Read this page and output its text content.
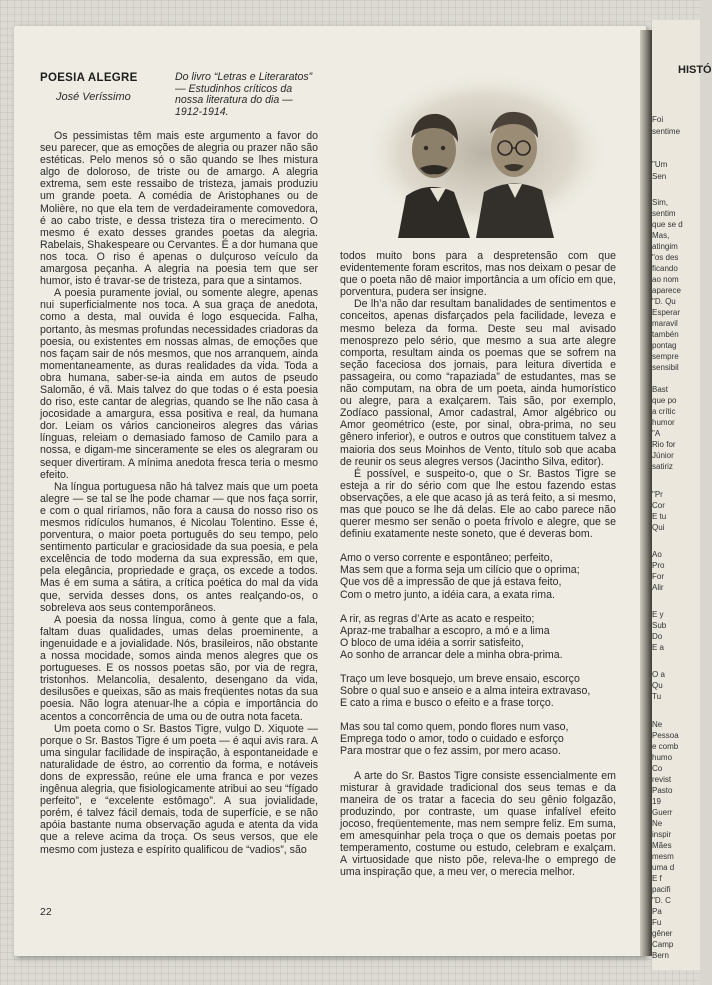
HISTÓ
Foi
sentime
"Um
Sen
Sim,
sentim
que se d
Mas,
atingim
"os des
ficando
ao nom
aparece
"D. Qu
Esperar
maravil
tambén
pontag
sempre
sensibil
Bast
que po
a crític
humor
"A
Rio for
Júnior
satiriz
"Pr
Cor
E tu
Qui
Ao
Pro
For
Alir
E y
Sub
Do
E a
O a
Qu
Tu
Ne
Pessoa
e comb
humo
Co
revist
Pasto
19
Guerr
Ne
inspir
Mães
mesm
uma d
E f
pacifi
"D. C
Pa
Fu
gêner
Camp
Bern
POESIA ALEGRE
José Veríssimo
Do livro “Letras e Literaratos” — Estudinhos críticos da nossa literatura do dia — 1912-1914.

Os pessimistas têm mais este argumento a favor do seu parecer, que as emoções de alegria ou prazer não são estéticas. Pelo menos só o são quando se lhes mistura algo de doloroso, de triste ou de amargo. A alegria extrema, sem este ressaibo de tristeza, jamais produziu um grande poeta. A comédia de Aristophanes ou de Molière, no que ela tem de verdadeiramente comovedora, é ao cabo triste, e dessa tristeza tira o merecimento. O mesmo é exato desses grandes poetas da alegria. Rabelais, Shakespeare ou Cervantes. É a dor humana que nos toca. O riso é apenas o dulçuroso veículo da amargosa peçanha. A alegria na poesia tem que ser humor, isto é travar-se de tristeza, para que a sintamos.

A poesia puramente jovial, ou somente alegre, apenas nui superficialmente nos toca. A sua graça de anedota, como a desta, mal ouvida é logo esquecida. Falha, portanto, às mesmas profundas necessidades criadoras da poesia, ou existentes em nossas almas, de emoções que nos façam sair de nós mesmos, que nos arranquem, ainda momentaneamente, as duras realidades da vida. Toda a obra humana, saber-se-ia ainda em autos de pseudo Salomão, é vã. Mais talvez do que todas o é esta poesia do riso, este cantar de alegrias, quando se lhe não casa à jocosidade a amargura, essa positiva e real, da humana dor. Leiam os vários cancioneiros alegres das várias línguas, releiam o demasiado famoso de Camilo para a nossa, e digam-me sinceramente se eles os alegraram ou sequer divertiram. A mínima anedota fresca teria o mesmo efeito.

Na língua portuguesa não há talvez mais que um poeta alegre — se tal se lhe pode chamar — que nos faça sorrir, e com o qual riríamos, não fora a causa do nosso riso os mesmos ridículos humanos, é Nicolau Tolentino. Esse é, porventura, o maior poeta português do seu tempo, pelo sentimento particular e graciosidade da sua poesia, e pela excelência de todo moderna da sua expressão, em que, pela elegância, propriedade e graça, os excede a todos. Mas é em suma a sátira, a crítica poética do mal da vida que, servida desses dons, os antes realçando-os, o sobreleva aos seus contemporâneos.

A poesia da nossa língua, como à gente que a fala, faltam duas qualidades, umas delas proeminente, a ingenuidade e a jovialidade. Nós, brasileiros, não obstante a nossa mocidade, somos ainda menos alegres que os portugueses. E os nossos poetas são, por via de regra, tristonhos. Melancolia, desalento, desengano da vida, desilusões e queixas, são as mais freqüentes notas da sua poesia. Não logra atenuar-lhe a cópia e importância do acentos a concorrência de uma ou de outra nota faceta.

Um poeta como o Sr. Bastos Tigre, vulgo D. Xiquote — porque o Sr. Bastos Tigre é um poeta — é aqui avis rara. A uma singular facilidade de inspiração, à espontaneidade e naturalidade de éstro, ao correntio da forma, e notáveis dons de expressão, reúne ele uma franca e por vezes ingênua alegria, que fisiologicamente atribui ao seu “fígado perfeito”, e “excelente estômago”. A sua jovialidade, porém, é talvez fácil demais, toda de superfície, e se não apóia bastante numa observação aguda e atenta da vida que a releve acima da troça. Os seus versos, que ele mesmo com justeza e espírito qualificou de “vadios”, são

22

todos muito bons para a despretensão com que evidentemente foram escritos, mas nos deixam o pesar de que o poeta não dê maior importância a um ofício em que, porventura, pudera ser insigne.

De lh’a não dar resultam banalidades de sentimentos e conceitos, apenas disfarçados pela facilidade, leveza e mesmo beleza da forma. Deste seu mal avisado menosprezo pelo sério, que mesmo a sua arte alegre comporta, resultam ainda os poemas que se sofrem na seção faceciosa dos jornais, para leitura divertida e passageira, ou como “rapaziada” de estudantes, mas se não computam, na obra de um poeta, ainda humorístico ou alegre, para a exalçarem. Tais são, por exemplo, Zodíaco passional, Amor cadastral, Amor algébrico ou Amor geométrico (este, por sinal, obra-prima, no seu gênero inferior), e outros e outros que constituem talvez a maioria dos seus Moinhos de Vento, título sob que acaba de reunir os seus alegres versos (Jacintho Silva, editor).

É possível, e suspeito-o, que o Sr. Bastos Tigre se esteja a rir do sério com que lhe estou fazendo estas observações, a ele que acaso já as terá feito, a si mesmo, mas que pouco se lhe dá delas. Ele ao cabo parece não querer mesmo ser senão o poeta frívolo e alegre, que se definiu exatamente neste soneto, que é deveras bom.

Amo o verso corrente e espontâneo; perfeito,
Mas sem que a forma seja um cilício que o oprima;
Que vos dê a impressão de que já estava feito,
Com o metro junto, a idéia cara, a exata rima.

A rir, as regras d’Arte as acato e respeito;
Apraz-me trabalhar a escopro, a mó e a lima
O bloco de uma idéia a sorrir satisfeito,
Ao sonho de arrancar dele a minha obra-prima.

Traço um leve bosquejo, um breve ensaio, escorço
Sobre o qual suo e anseio e a alma inteira extravaso,
E cato a rima e busco o efeito e a frase torço.

Mas sou tal como quem, pondo flores num vaso,
Emprega todo o amor, todo o cuidado e esforço
Para mostrar que o fez assim, por mero acaso.

A arte do Sr. Bastos Tigre consiste essencialmente em misturar à gravidade tradicional dos seus temas e da maneira de os tratar a facecia do seu gênio folgazão, produzindo, por contraste, um quase infalível efeito jocoso, freqüentemente, mas nem sempre feliz. Em suma, em amesquinhar pela troça o que os demais poetas por temperamento, costume ou estudo, celebram e exalçam. A virtuosidade que nisto põe, releva-lhe o emprego de uma inspiração que, a meu ver, o merecia melhor.
